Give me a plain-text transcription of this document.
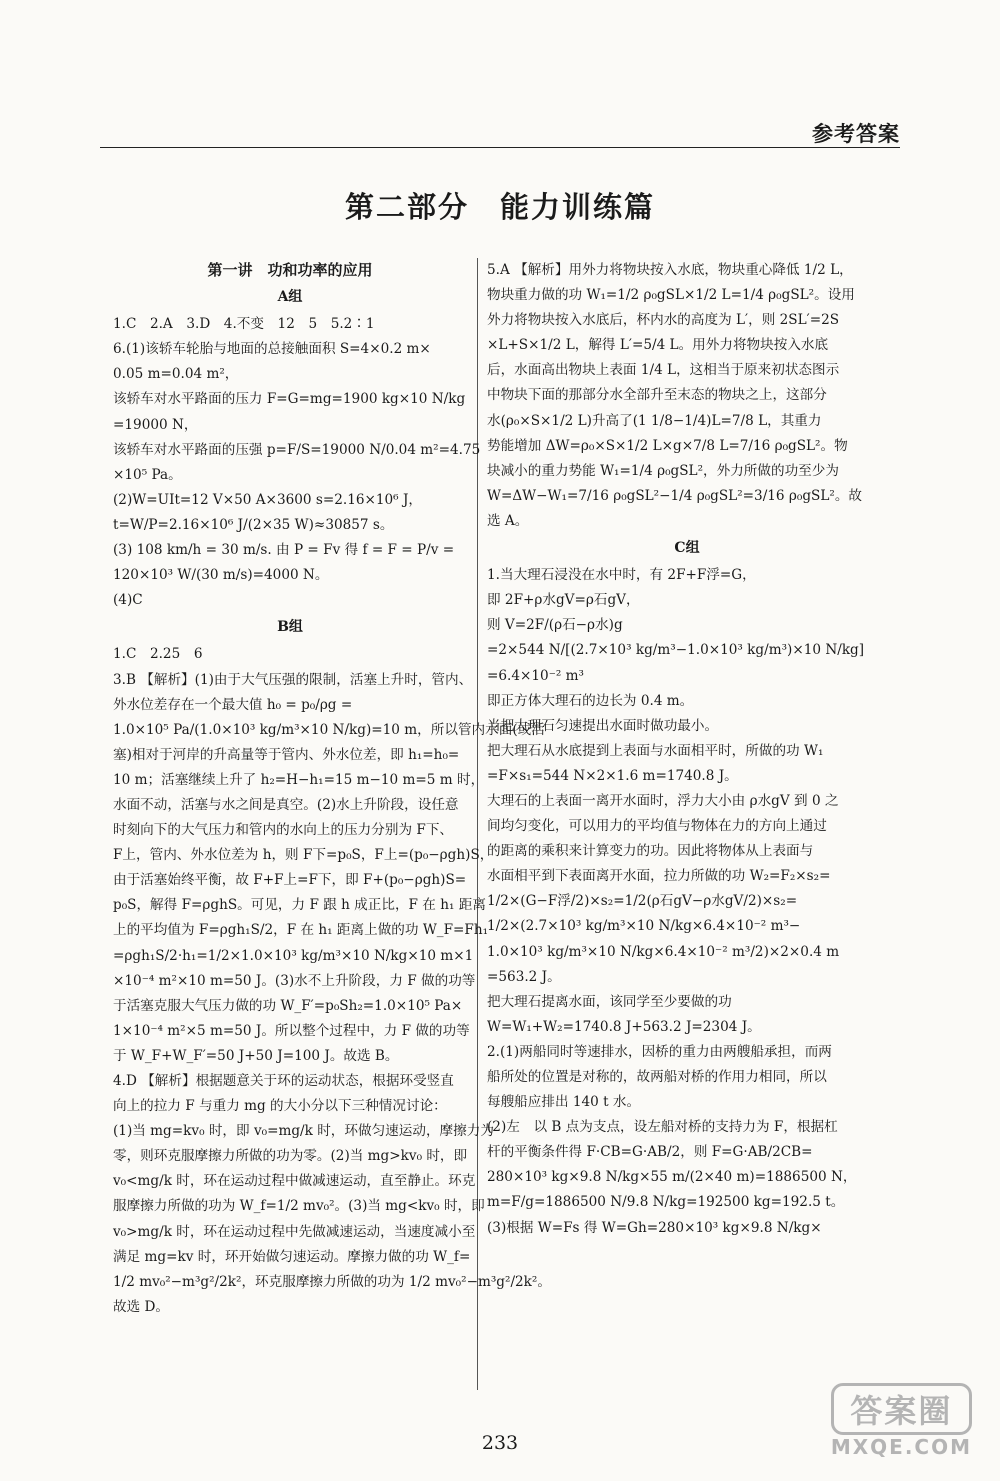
参考答案
第二部分　能力训练篇
第一讲　功和功率的应用
A组
1.C　2.A　3.D　4.不变　12　5　5.2∶1
6.(1)该轿车轮胎与地面的总接触面积 S=4×0.2 m×
0.05 m=0.04 m²，
该轿车对水平路面的压力 F=G=mg=1900 kg×10 N/kg
=19000 N，
该轿车对水平路面的压强 p=F/S=19000 N/0.04 m²=4.75
×10⁵ Pa。
(2)W=UIt=12 V×50 A×3600 s=2.16×10⁶ J，
t=W/P=2.16×10⁶ J/(2×35 W)≈30857 s。
(3) 108 km/h = 30 m/s. 由 P = Fv 得 f = F = P/v =
120×10³ W/(30 m/s)=4000 N。
(4)C
B组
1.C　2.25　6
3.B 【解析】(1)由于大气压强的限制，活塞上升时，管内、
外水位差存在一个最大值 h₀ = p₀/ρg =
1.0×10⁵ Pa/(1.0×10³ kg/m³×10 N/kg)=10 m，所以管内水面(或活
塞)相对于河岸的升高量等于管内、外水位差，即 h₁=h₀=
10 m；活塞继续上升了 h₂=H−h₁=15 m−10 m=5 m 时，
水面不动，活塞与水之间是真空。(2)水上升阶段，设任意
时刻向下的大气压力和管内的水向上的压力分别为 F下、
F上，管内、外水位差为 h，则 F下=p₀S，F上=(p₀−ρgh)S，
由于活塞始终平衡，故 F+F上=F下，即 F+(p₀−ρgh)S=
p₀S，解得 F=ρghS。可见，力 F 跟 h 成正比，F 在 h₁ 距离
上的平均值为 F=ρgh₁S/2，F 在 h₁ 距离上做的功 W_F=Fh₁
=ρgh₁S/2·h₁=1/2×1.0×10³ kg/m³×10 N/kg×10 m×1
×10⁻⁴ m²×10 m=50 J。(3)水不上升阶段，力 F 做的功等
于活塞克服大气压力做的功 W_F′=p₀Sh₂=1.0×10⁵ Pa×
1×10⁻⁴ m²×5 m=50 J。所以整个过程中，力 F 做的功等
于 W_F+W_F′=50 J+50 J=100 J。故选 B。
4.D 【解析】根据题意关于环的运动状态，根据环受竖直
向上的拉力 F 与重力 mg 的大小分以下三种情况讨论：
(1)当 mg=kv₀ 时，即 v₀=mg/k 时，环做匀速运动，摩擦力为
零，则环克服摩擦力所做的功为零。(2)当 mg>kv₀ 时，即
v₀<mg/k 时，环在运动过程中做减速运动，直至静止。环克
服摩擦力所做的功为 W_f=1/2 mv₀²。(3)当 mg<kv₀ 时，即
v₀>mg/k 时，环在运动过程中先做减速运动，当速度减小至
满足 mg=kv 时，环开始做匀速运动。摩擦力做的功 W_f=
1/2 mv₀²−m³g²/2k²，环克服摩擦力所做的功为 1/2 mv₀²−m³g²/2k²。
故选 D。
5.A 【解析】用外力将物块按入水底，物块重心降低 1/2 L，
物块重力做的功 W₁=1/2 ρ₀gSL×1/2 L=1/4 ρ₀gSL²。设用
外力将物块按入水底后，杯内水的高度为 L′，则 2SL′=2S
×L+S×1/2 L，解得 L′=5/4 L。用外力将物块按入水底
后，水面高出物块上表面 1/4 L，这相当于原来初状态图示
中物块下面的那部分水全部升至末态的物块之上，这部分
水(ρ₀×S×1/2 L)升高了(1 1/8−1/4)L=7/8 L，其重力
势能增加 ΔW=ρ₀×S×1/2 L×g×7/8 L=7/16 ρ₀gSL²。物
块减小的重力势能 W₁=1/4 ρ₀gSL²，外力所做的功至少为
W=ΔW−W₁=7/16 ρ₀gSL²−1/4 ρ₀gSL²=3/16 ρ₀gSL²。故
选 A。
C组
1.当大理石浸没在水中时，有 2F+F浮=G，
即 2F+ρ水gV=ρ石gV，
则 V=2F/(ρ石−ρ水)g
=2×544 N/[(2.7×10³ kg/m³−1.0×10³ kg/m³)×10 N/kg]
=6.4×10⁻² m³
即正方体大理石的边长为 0.4 m。
当把大理石匀速提出水面时做功最小。
把大理石从水底提到上表面与水面相平时，所做的功 W₁
=F×s₁=544 N×2×1.6 m=1740.8 J。
大理石的上表面一离开水面时，浮力大小由 ρ水gV 到 0 之
间均匀变化，可以用力的平均值与物体在力的方向上通过
的距离的乘积来计算变力的功。因此将物体从上表面与
水面相平到下表面离开水面，拉力所做的功 W₂=F₂×s₂=
1/2×(G−F浮/2)×s₂=1/2(ρ石gV−ρ水gV/2)×s₂=
1/2×(2.7×10³ kg/m³×10 N/kg×6.4×10⁻² m³−
1.0×10³ kg/m³×10 N/kg×6.4×10⁻² m³/2)×2×0.4 m
=563.2 J。
把大理石提离水面，该同学至少要做的功
W=W₁+W₂=1740.8 J+563.2 J=2304 J。
2.(1)两船同时等速排水，因桥的重力由两艘船承担，而两
船所处的位置是对称的，故两船对桥的作用力相同，所以
每艘船应排出 140 t 水。
(2)左　以 B 点为支点，设左船对桥的支持力为 F，根据杠
杆的平衡条件得 F·CB=G·AB/2，则 F=G·AB/2CB=
280×10³ kg×9.8 N/kg×55 m/(2×40 m)=1886500 N，
m=F/g=1886500 N/9.8 N/kg=192500 kg=192.5 t。
(3)根据 W=Fs 得 W=Gh=280×10³ kg×9.8 N/kg×
233
答案圈
MXQE.COM
